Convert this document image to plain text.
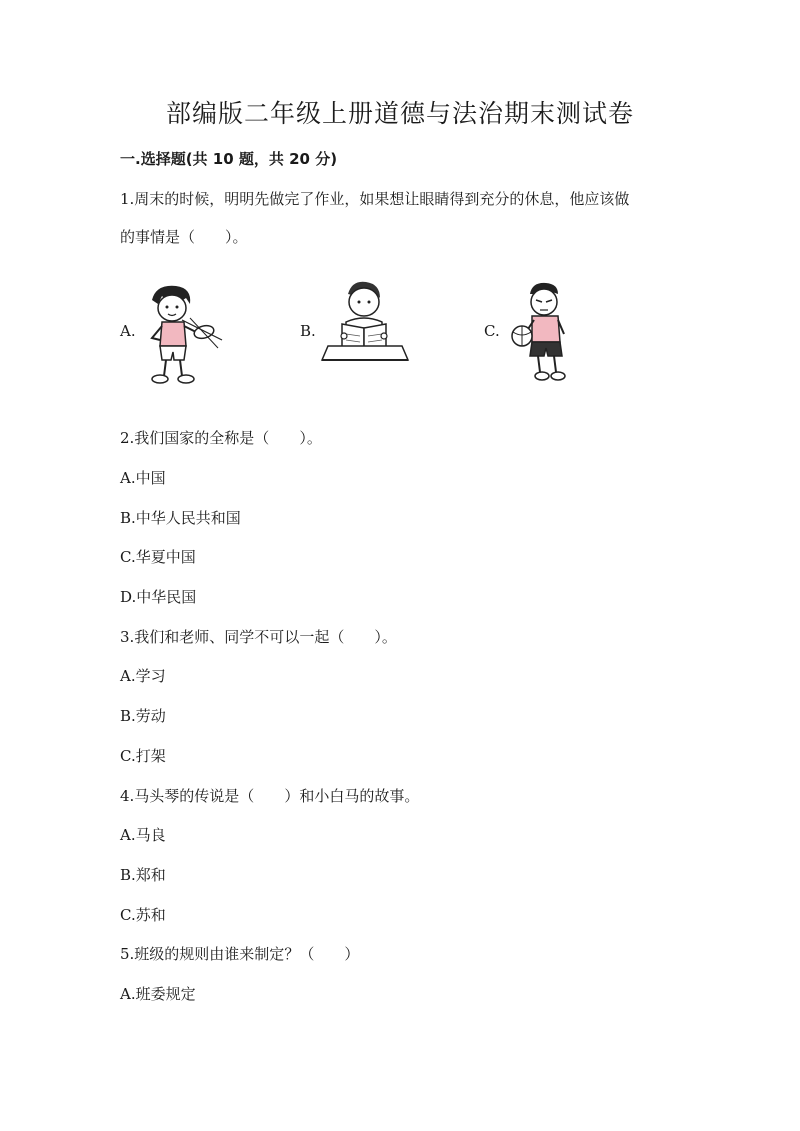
部编版二年级上册道德与法治期末测试卷
一.选择题(共 10 题，共 20 分)
1.周末的时候，明明先做完了作业，如果想让眼睛得到充分的休息，他应该做
的事情是（　　）。
A.	B.	C.
2.我们国家的全称是（　　）。
A.中国
B.中华人民共和国
C.华夏中国
D.中华民国
3.我们和老师、同学不可以一起（　　）。
A.学习
B.劳动
C.打架
4.马头琴的传说是（　　）和小白马的故事。
A.马良
B.郑和
C.苏和
5.班级的规则由谁来制定？（　　）
A.班委规定
